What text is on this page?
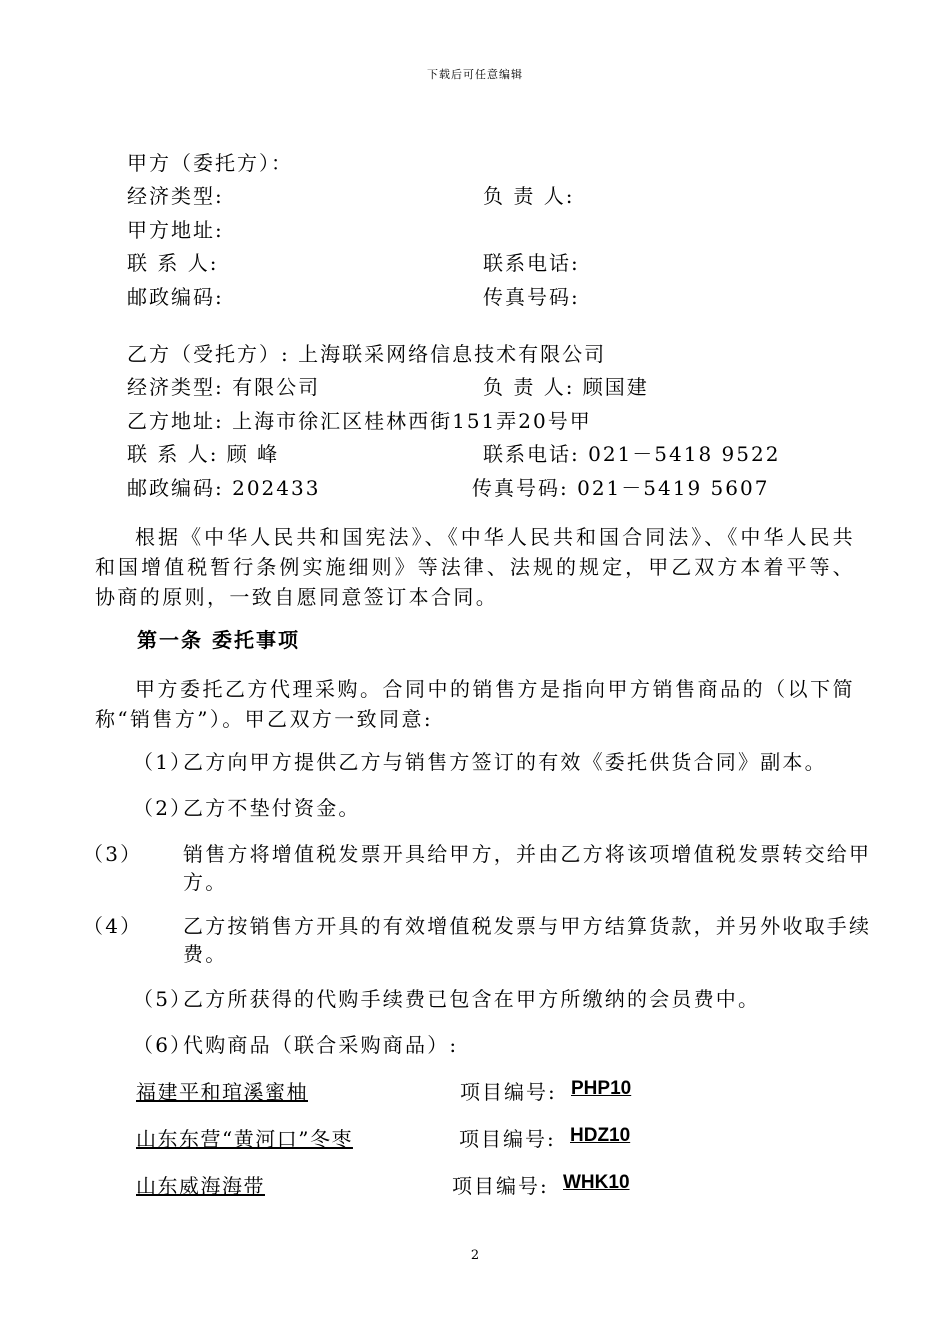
下载后可任意编辑
甲方（委托方）：
经济类型:	负 责 人:
甲方地址:
联 系 人:	联系电话:
邮政编码:	传真号码:
乙方（受托方）: 上海联采网络信息技术有限公司
经济类型: 有限公司	负 责 人: 顾国建
乙方地址: 上海市徐汇区桂林西街151弄20号甲
联 系 人: 顾 峰	联系电话: 021－5418 9522
邮政编码: 202433	传真号码: 021－5419 5607
根据《中华人民共和国宪法》、《中华人民共和国合同法》、《中华人民共和国增值税暂行条例实施细则》等法律、法规的规定，甲乙双方本着平等、协商的原则，一致自愿同意签订本合同。
第一条 委托事项
甲方委托乙方代理采购。合同中的销售方是指向甲方销售商品的（以下简称“销售方”）。甲乙双方一致同意:
（1）乙方向甲方提供乙方与销售方签订的有效《委托供货合同》副本。
（2）乙方不垫付资金。
（3） 销售方将增值税发票开具给甲方，并由乙方将该项增值税发票转交给甲方。
（4） 乙方按销售方开具的有效增值税发票与甲方结算货款，并另外收取手续费。
（5）乙方所获得的代购手续费已包含在甲方所缴纳的会员费中。
（6）代购商品（联合采购商品）:
福建平和琯溪蜜柚	项目编号: PHP10
山东东营“黄河口”冬枣	项目编号: HDZ10
山东威海海带	项目编号: WHK10
2
